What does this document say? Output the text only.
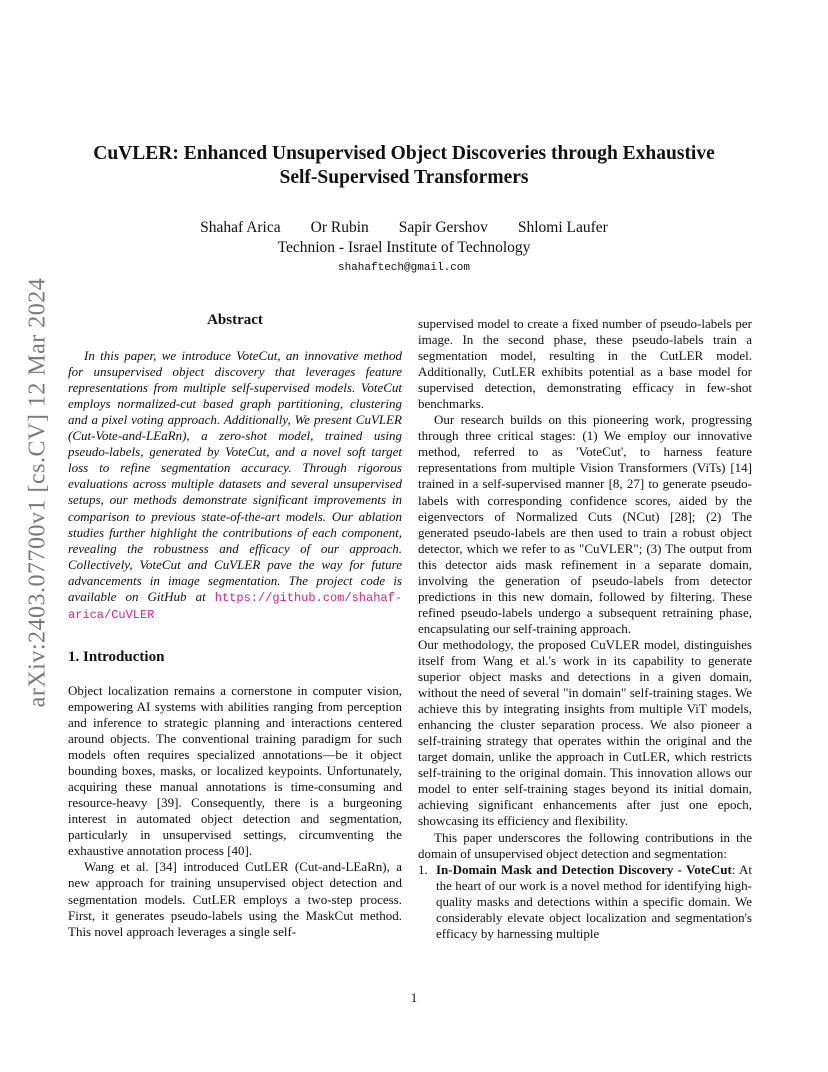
arXiv:2403.07700v1 [cs.CV] 12 Mar 2024
CuVLER: Enhanced Unsupervised Object Discoveries through Exhaustive Self-Supervised Transformers
Shahaf Arica Or Rubin Sapir Gershov Shlomi Laufer
Technion - Israel Institute of Technology
shahaftech@gmail.com
Abstract

In this paper, we introduce VoteCut, an innovative method for unsupervised object discovery that leverages feature representations from multiple self-supervised models. VoteCut employs normalized-cut based graph partitioning, clustering and a pixel voting approach. Additionally, We present CuVLER (Cut-Vote-and-LEaRn), a zero-shot model, trained using pseudo-labels, generated by VoteCut, and a novel soft target loss to refine segmentation accuracy. Through rigorous evaluations across multiple datasets and several unsupervised setups, our methods demonstrate significant improvements in comparison to previous state-of-the-art models. Our ablation studies further highlight the contributions of each component, revealing the robustness and efficacy of our approach. Collectively, VoteCut and CuVLER pave the way for future advancements in image segmentation. The project code is available on GitHub at https://github.com/shahaf-arica/CuVLER

1. Introduction

Object localization remains a cornerstone in computer vision, empowering AI systems with abilities ranging from perception and inference to strategic planning and interactions centered around objects. The conventional training paradigm for such models often requires specialized annotations—be it object bounding boxes, masks, or localized keypoints. Unfortunately, acquiring these manual annotations is time-consuming and resource-heavy [39]. Consequently, there is a burgeoning interest in automated object detection and segmentation, particularly in unsupervised settings, circumventing the exhaustive annotation process [40].

Wang et al. [34] introduced CutLER (Cut-and-LEaRn), a new approach for training unsupervised object detection and segmentation models. CutLER employs a two-step process. First, it generates pseudo-labels using the MaskCut method. This novel approach leverages a single self-

supervised model to create a fixed number of pseudo-labels per image. In the second phase, these pseudo-labels train a segmentation model, resulting in the CutLER model. Additionally, CutLER exhibits potential as a base model for supervised detection, demonstrating efficacy in few-shot benchmarks.

Our research builds on this pioneering work, progressing through three critical stages: (1) We employ our innovative method, referred to as 'VoteCut', to harness feature representations from multiple Vision Transformers (ViTs) [14] trained in a self-supervised manner [8, 27] to generate pseudo-labels with corresponding confidence scores, aided by the eigenvectors of Normalized Cuts (NCut) [28]; (2) The generated pseudo-labels are then used to train a robust object detector, which we refer to as "CuVLER"; (3) The output from this detector aids mask refinement in a separate domain, involving the generation of pseudo-labels from detector predictions in this new domain, followed by filtering. These refined pseudo-labels undergo a subsequent retraining phase, encapsulating our self-training approach.

Our methodology, the proposed CuVLER model, distinguishes itself from Wang et al.'s work in its capability to generate superior object masks and detections in a given domain, without the need of several "in domain" self-training stages. We achieve this by integrating insights from multiple ViT models, enhancing the cluster separation process. We also pioneer a self-training strategy that operates within the original and the target domain, unlike the approach in CutLER, which restricts self-training to the original domain. This innovation allows our model to enter self-training stages beyond its initial domain, achieving significant enhancements after just one epoch, showcasing its efficiency and flexibility.

This paper underscores the following contributions in the domain of unsupervised object detection and segmentation:

1. In-Domain Mask and Detection Discovery - VoteCut: At the heart of our work is a novel method for identifying high-quality masks and detections within a specific domain. We considerably elevate object localization and segmentation's efficacy by harnessing multiple
1
